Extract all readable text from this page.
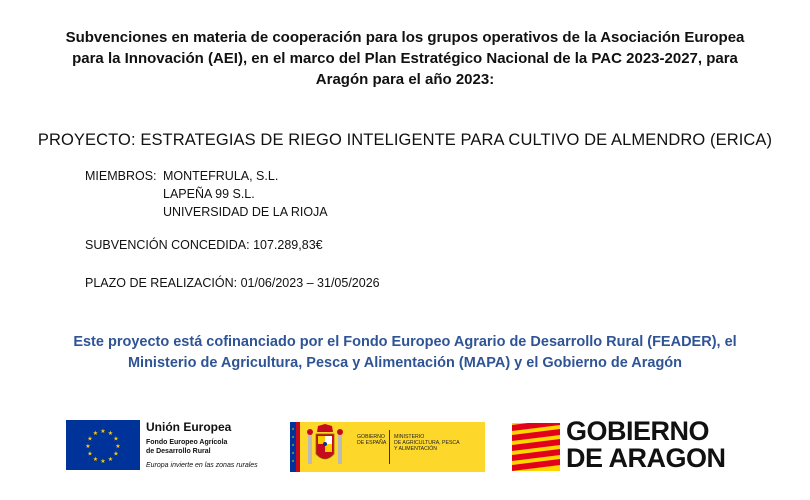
Subvenciones en materia de cooperación para los grupos operativos de la Asociación Europea
para la Innovación (AEI), en el marco del Plan Estratégico Nacional de la PAC 2023-2027, para
Aragón para el año 2023:
PROYECTO: ESTRATEGIAS DE RIEGO INTELIGENTE PARA CULTIVO DE ALMENDRO (ERICA)
MIEMBROS: MONTEFRULA, S.L.
LAPEÑA 99 S.L.
UNIVERSIDAD DE LA RIOJA
SUBVENCIÓN CONCEDIDA: 107.289,83€
PLAZO DE REALIZACIÓN: 01/06/2023 – 31/05/2026
Este proyecto está cofinanciado por el Fondo Europeo Agrario de Desarrollo Rural (FEADER), el
Ministerio de Agricultura, Pesca y Alimentación (MAPA) y el Gobierno de Aragón
★ ★
★
★
★
★
★
★
★
★
★
★	Unión Europea
Fondo Europeo Agrícola
de Desarrollo Rural
Europa invierte en las zonas rurales
★
★
★
★
★
GOBIERNO
DE ESPAÑA
MINISTERIO
DE AGRICULTURA, PESCA
Y ALIMENTACIÓN
GOBIERNO
DE ARAGON
